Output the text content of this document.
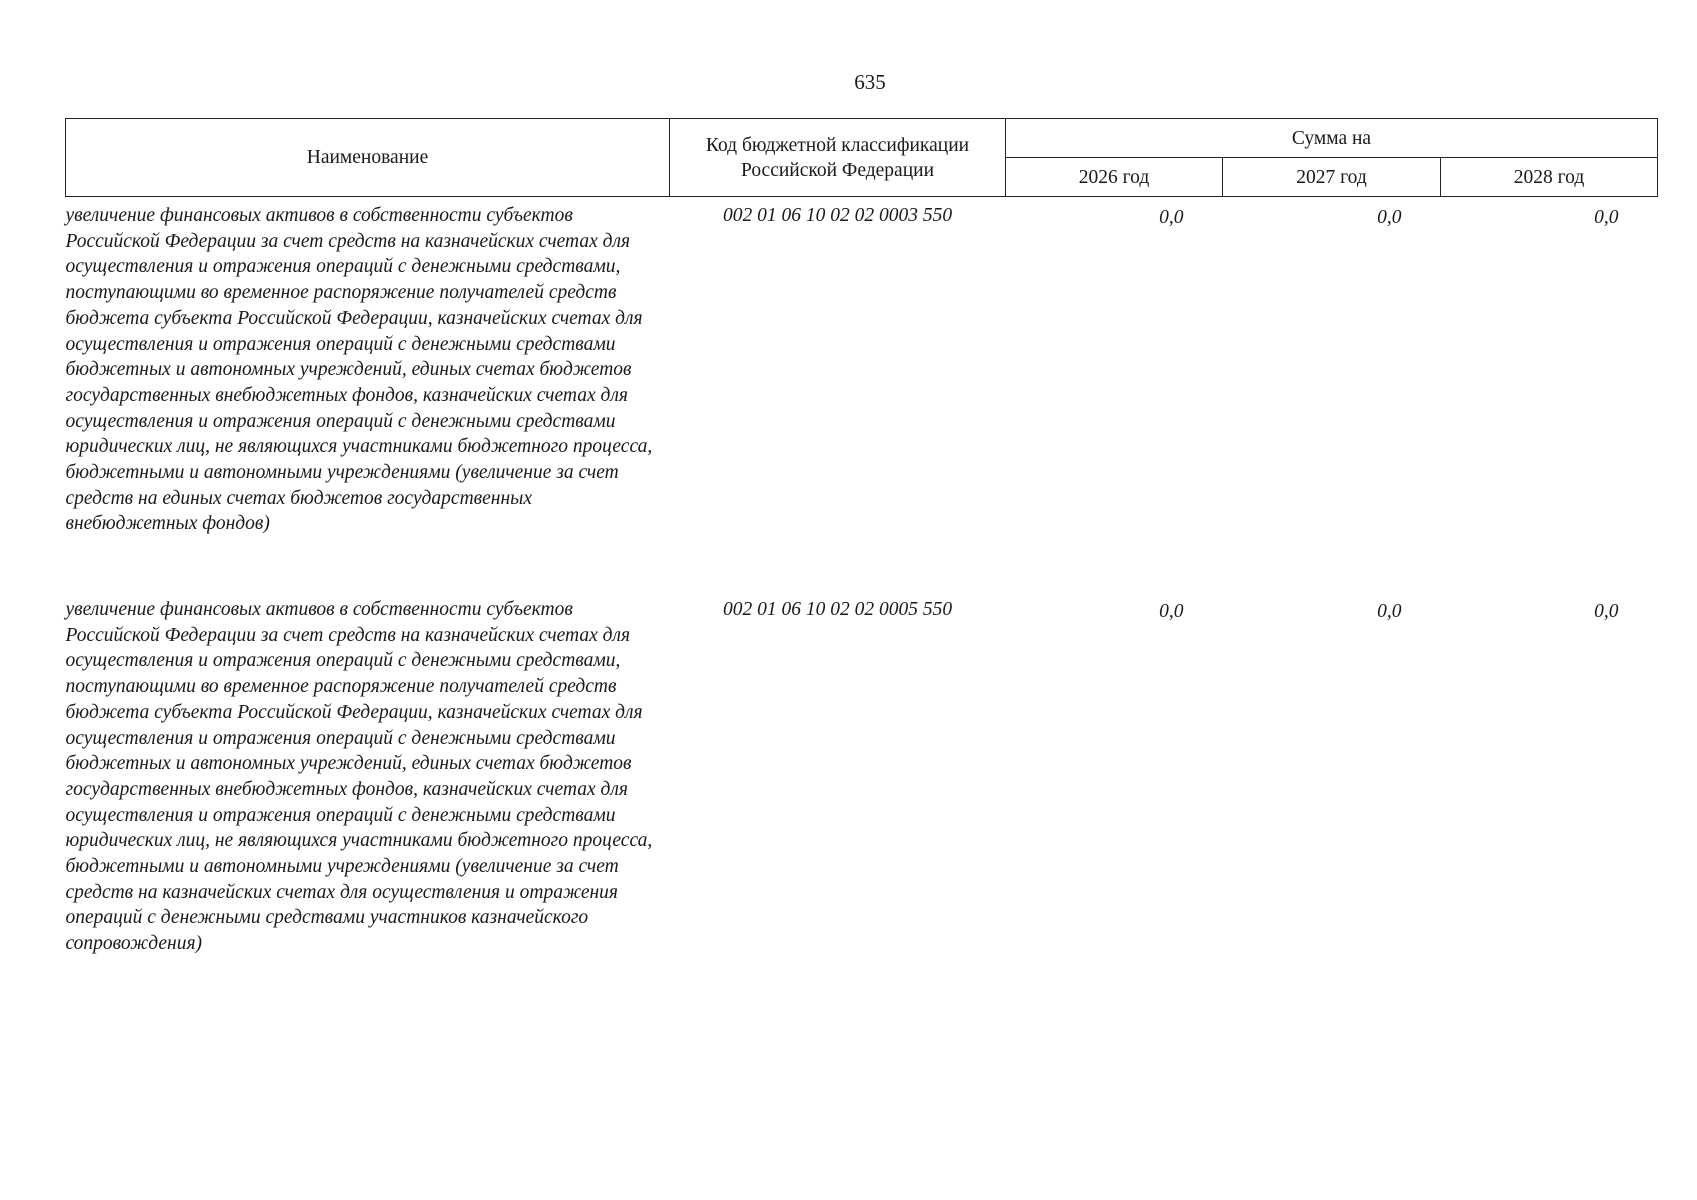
635
Наименование	Код бюджетной классификации Российской Федерации	Сумма на		
		2026 год	2027 год	2028 год
увеличение финансовых активов в собственности субъектов Российской Федерации за счет средств на казначейских счетах для осуществления и отражения операций с денежными средствами, поступающими во временное распоряжение получателей средств бюджета субъекта Российской Федерации, казначейских счетах для осуществления и отражения операций с денежными средствами бюджетных и автономных учреждений, единых счетах бюджетов государственных внебюджетных фондов, казначейских счетах для осуществления и отражения операций с денежными средствами юридических лиц, не являющихся участниками бюджетного процесса, бюджетными и автономными учреждениями (увеличение за счет средств на единых счетах бюджетов государственных внебюджетных фондов)	002 01 06 10 02 02 0003 550	0,0	0,0	0,0
увеличение финансовых активов в собственности субъектов Российской Федерации за счет средств на казначейских счетах для осуществления и отражения операций с денежными средствами, поступающими во временное распоряжение получателей средств бюджета субъекта Российской Федерации, казначейских счетах для осуществления и отражения операций с денежными средствами бюджетных и автономных учреждений, единых счетах бюджетов государственных внебюджетных фондов, казначейских счетах для осуществления и отражения операций с денежными средствами юридических лиц, не являющихся участниками бюджетного процесса, бюджетными и автономными учреждениями (увеличение за счет средств на казначейских счетах для осуществления и отражения операций с денежными средствами участников казначейского сопровождения)	002 01 06 10 02 02 0005 550	0,0	0,0	0,0
